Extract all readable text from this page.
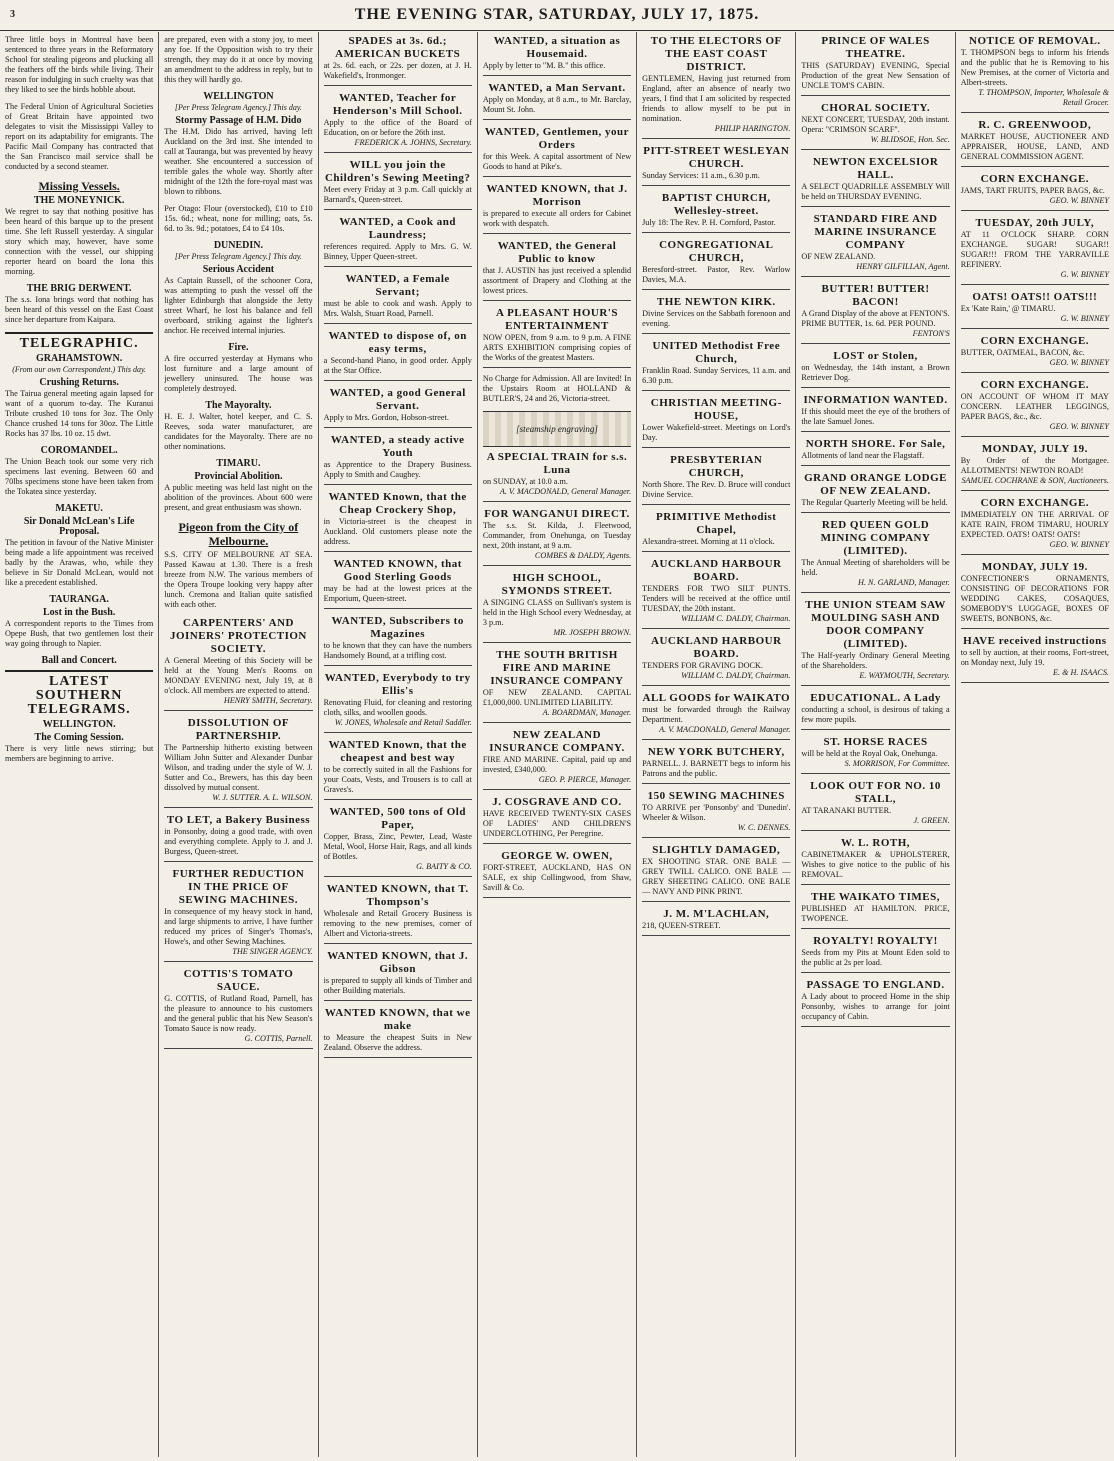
3	THE EVENING STAR, SATURDAY, JULY 17, 1875.
Three little boys in Montreal have been sentenced to three years in the Reformatory School for stealing pigeons and plucking all the feathers off the birds while living. Their reason for indulging in such cruelty was that they liked to see the birds hobble about.
The Federal Union of Agricultural Societies of Great Britain have appointed two delegates to visit the Mississippi Valley to report on its adaptability for emigrants. The Pacific Mail Company has contracted that the San Francisco mail service shall be conducted by a second steamer.
Missing Vessels.
THE MONEYNICK.
We regret to say that nothing positive has been heard of this barque up to the present time. She left Russell yesterday. A singular story which may, however, have some connection with the vessel, our shipping reporter heard on board the Iona this morning.
THE BRIG DERWENT.
The s.s. Iona brings word that nothing has been heard of this vessel on the East Coast since her departure from Kaipara.
TELEGRAPHIC.
GRAHAMSTOWN.
(From our own Correspondent.) This day.
Crushing Returns.
The Tairua general meeting again lapsed for want of a quorum to-day. The Kuranui Tribute crushed 10 tons for 3oz. The Only Chance crushed 14 tons for 30oz. The Little Rocks has 37 lbs. 10 oz. 15 dwt.
COROMANDEL.
The Union Beach took our some very rich specimens last evening. Between 60 and 70lbs specimens stone have been taken from the Tokatea since yesterday.
MAKETU.
Sir Donald McLean's Life Proposal.
The petition in favour of the Native Minister being made a life appointment was received badly by the Arawas, who, while they believe in Sir Donald McLean, would not like a precedent established.
TAURANGA.
Lost in the Bush.
A correspondent reports to the Times from Opepe Bush, that two gentlemen lost their way going through to Napier.
Ball and Concert.
LATEST SOUTHERN TELEGRAMS.
WELLINGTON.
The Coming Session.
There is very little news stirring; but members are beginning to arrive.
are prepared, even with a stony joy, to meet any foe. If the Opposition wish to try their strength, they may do it at once by moving an amendment to the address in reply, but to this they will hardly go.
WELLINGTON
[Per Press Telegram Agency.] This day.
Stormy Passage of H.M. Dido
The H.M. Dido has arrived, having left Auckland on the 3rd inst. She intended to call at Tauranga, but was prevented by heavy weather. She encountered a succession of terrible gales the whole way. Shortly after midnight of the 12th the fore-royal mast was blown to ribbons.
Per Otago: Flour (overstocked), £10 to £10 15s. 6d.; wheat, none for milling; oats, 5s. 6d. to 3s. 9d.; potatoes, £4 to £4 10s.
DUNEDIN.
[Per Press Telegram Agency.] This day.
Serious Accident
As Captain Russell, of the schooner Cora, was attempting to push the vessel off the lighter Edinburgh that alongside the Jetty street Wharf, he lost his balance and fell overboard, striking against the lighter's anchor. He received internal injuries.
Fire.
A fire occurred yesterday at Hymans who lost furniture and a large amount of jewellery uninsured. The house was completely destroyed.
The Mayoralty.
H. E. J. Walter, hotel keeper, and C. S. Reeves, soda water manufacturer, are candidates for the Mayoralty. There are no other nominations.
TIMARU.
Provincial Abolition.
A public meeting was held last night on the abolition of the provinces. About 600 were present, and great enthusiasm was shown.
Pigeon from the City of Melbourne.
S.S. CITY OF MELBOURNE AT SEA. Passed Kawau at 1.30. There is a fresh breeze from N.W. The various members of the Opera Troupe looking very happy after lunch. Cremona and Italian quite satisfied with each other.
CARPENTERS' AND JOINERS' PROTECTION SOCIETY.
A General Meeting of this Society will be held at the Young Men's Rooms on MONDAY EVENING next, July 19, at 8 o'clock. All members are expected to attend.
HENRY SMITH, Secretary.
DISSOLUTION OF PARTNERSHIP.
The Partnership hitherto existing between William John Sutter and Alexander Dunbar Wilson, and trading under the style of W. J. Sutter and Co., Brewers, has this day been dissolved by mutual consent.
W. J. SUTTER. A. L. WILSON.
TO LET, a Bakery Business
in Ponsonby, doing a good trade, with oven and everything complete. Apply to J. and J. Burgess, Queen-street.
FURTHER REDUCTION IN THE PRICE OF SEWING MACHINES.
In consequence of my heavy stock in hand, and large shipments to arrive, I have further reduced my prices of Singer's Thomas's, Howe's, and other Sewing Machines.
THE SINGER AGENCY.
COTTIS'S TOMATO SAUCE.
G. COTTIS, of Rutland Road, Parnell, has the pleasure to announce to his customers and the general public that his New Season's Tomato Sauce is now ready.
G. COTTIS, Parnell.
SPADES at 3s. 6d.; AMERICAN BUCKETS
at 2s. 6d. each, or 22s. per dozen, at J. H. Wakefield's, Ironmonger.
WANTED, Teacher for Henderson's Mill School.
Apply to the office of the Board of Education, on or before the 26th inst.
FREDERICK A. JOHNS, Secretary.
WILL you join the Children's Sewing Meeting?
Meet every Friday at 3 p.m. Call quickly at Barnard's, Queen-street.
WANTED, a Cook and Laundress;
references required. Apply to Mrs. G. W. Binney, Upper Queen-street.
WANTED, a Female Servant;
must be able to cook and wash. Apply to Mrs. Walsh, Stuart Road, Parnell.
WANTED to dispose of, on easy terms,
a Second-hand Piano, in good order. Apply at the Star Office.
WANTED, a good General Servant.
Apply to Mrs. Gordon, Hobson-street.
WANTED, a steady active Youth
as Apprentice to the Drapery Business. Apply to Smith and Caughey.
WANTED Known, that the Cheap Crockery Shop,
in Victoria-street is the cheapest in Auckland. Old customers please note the address.
WANTED KNOWN, that Good Sterling Goods
may be had at the lowest prices at the Emporium, Queen-street.
WANTED, Subscribers to Magazines
to be known that they can have the numbers Handsomely Bound, at a trifling cost.
WANTED, Everybody to try Ellis's
Renovating Fluid, for cleaning and restoring cloth, silks, and woollen goods.
W. JONES, Wholesale and Retail Saddler.
WANTED Known, that the cheapest and best way
to be correctly suited in all the Fashions for your Coats, Vests, and Trousers is to call at Graves's.
WANTED, 500 tons of Old Paper,
Copper, Brass, Zinc, Pewter, Lead, Waste Metal, Wool, Horse Hair, Rags, and all kinds of Bottles.
G. BAITY & CO.
WANTED KNOWN, that T. Thompson's
Wholesale and Retail Grocery Business is removing to the new premises, corner of Albert and Victoria-streets.
WANTED KNOWN, that J. Gibson
is prepared to supply all kinds of Timber and other Building materials.
WANTED KNOWN, that we make
to Measure the cheapest Suits in New Zealand. Observe the address.
WANTED, a situation as Housemaid.
Apply by letter to "M. B." this office.
WANTED, a Man Servant.
Apply on Monday, at 8 a.m., to Mr. Barclay, Mount St. John.
WANTED, Gentlemen, your Orders
for this Week. A capital assortment of New Goods to hand at Pike's.
WANTED KNOWN, that J. Morrison
is prepared to execute all orders for Cabinet work with despatch.
WANTED, the General Public to know
that J. AUSTIN has just received a splendid assortment of Drapery and Clothing at the lowest prices.
A PLEASANT HOUR'S ENTERTAINMENT
NOW OPEN, from 9 a.m. to 9 p.m. A FINE ARTS EXHIBITION comprising copies of the Works of the greatest Masters.
No Charge for Admission. All are Invited! In the Upstairs Room at HOLLAND & BUTLER'S, 24 and 26, Victoria-street.
[steamship engraving]
A SPECIAL TRAIN for s.s. Luna
on SUNDAY, at 10.0 a.m.
A. V. MACDONALD, General Manager.
FOR WANGANUI DIRECT.
The s.s. St. Kilda, J. Fleetwood, Commander, from Onehunga, on Tuesday next, 20th instant, at 9 a.m.
COMBES & DALDY, Agents.
HIGH SCHOOL, SYMONDS STREET.
A SINGING CLASS on Sullivan's system is held in the High School every Wednesday, at 3 p.m.
MR. JOSEPH BROWN.
THE SOUTH BRITISH FIRE AND MARINE INSURANCE COMPANY
OF NEW ZEALAND. CAPITAL £1,000,000. UNLIMITED LIABILITY.
A. BOARDMAN, Manager.
NEW ZEALAND INSURANCE COMPANY.
FIRE AND MARINE. Capital, paid up and invested, £340,000.
GEO. P. PIERCE, Manager.
J. COSGRAVE AND CO.
HAVE RECEIVED TWENTY-SIX CASES OF LADIES' AND CHILDREN'S UNDERCLOTHING, Per Peregrine.
GEORGE W. OWEN,
FORT-STREET, AUCKLAND, HAS ON SALE, ex ship Collingwood, from Shaw, Savill & Co.
TO THE ELECTORS OF THE EAST COAST DISTRICT.
GENTLEMEN, Having just returned from England, after an absence of nearly two years, I find that I am solicited by respected friends to allow myself to be put in nomination.
PHILIP HARINGTON.
PITT-STREET WESLEYAN CHURCH.
Sunday Services: 11 a.m., 6.30 p.m.
BAPTIST CHURCH, Wellesley-street.
July 18: The Rev. P. H. Cornford, Pastor.
CONGREGATIONAL CHURCH,
Beresford-street. Pastor, Rev. Warlow Davies, M.A.
THE NEWTON KIRK.
Divine Services on the Sabbath forenoon and evening.
UNITED Methodist Free Church,
Franklin Road. Sunday Services, 11 a.m. and 6.30 p.m.
CHRISTIAN MEETING-HOUSE,
Lower Wakefield-street. Meetings on Lord's Day.
PRESBYTERIAN CHURCH,
North Shore. The Rev. D. Bruce will conduct Divine Service.
PRIMITIVE Methodist Chapel,
Alexandra-street. Morning at 11 o'clock.
AUCKLAND HARBOUR BOARD.
TENDERS FOR TWO SILT PUNTS. Tenders will be received at the office until TUESDAY, the 20th instant.
WILLIAM C. DALDY, Chairman.
AUCKLAND HARBOUR BOARD.
TENDERS FOR GRAVING DOCK.
WILLIAM C. DALDY, Chairman.
ALL GOODS for WAIKATO
must be forwarded through the Railway Department.
A. V. MACDONALD, General Manager.
NEW YORK BUTCHERY,
PARNELL. J. BARNETT begs to inform his Patrons and the public.
150 SEWING MACHINES
TO ARRIVE per 'Ponsonby' and 'Dunedin'. Wheeler & Wilson.
W. C. DENNES.
SLIGHTLY DAMAGED,
EX SHOOTING STAR. ONE BALE — GREY TWILL CALICO. ONE BALE — GREY SHEETING CALICO. ONE BALE — NAVY AND PINK PRINT.
J. M. M'LACHLAN,
218, QUEEN-STREET.
PRINCE OF WALES THEATRE.
THIS (SATURDAY) EVENING, Special Production of the great New Sensation of UNCLE TOM'S CABIN.
CHORAL SOCIETY.
NEXT CONCERT, TUESDAY, 20th instant. Opera: "CRIMSON SCARF".
W. BLIDSOE, Hon. Sec.
NEWTON EXCELSIOR HALL.
A SELECT QUADRILLE ASSEMBLY Will be held on THURSDAY EVENING.
STANDARD FIRE AND MARINE INSURANCE COMPANY
OF NEW ZEALAND.
HENRY GILFILLAN, Agent.
BUTTER! BUTTER! BACON!
A Grand Display of the above at FENTON'S. PRIME BUTTER, 1s. 6d. PER POUND.
FENTON'S
LOST or Stolen,
on Wednesday, the 14th instant, a Brown Retriever Dog.
INFORMATION WANTED.
If this should meet the eye of the brothers of the late Samuel Jones.
NORTH SHORE. For Sale,
Allotments of land near the Flagstaff.
GRAND ORANGE LODGE OF NEW ZEALAND.
The Regular Quarterly Meeting will be held.
RED QUEEN GOLD MINING COMPANY (LIMITED).
The Annual Meeting of shareholders will be held.
H. N. GARLAND, Manager.
THE UNION STEAM SAW MOULDING SASH AND DOOR COMPANY (LIMITED).
The Half-yearly Ordinary General Meeting of the Shareholders.
E. WAYMOUTH, Secretary.
EDUCATIONAL. A Lady
conducting a school, is desirous of taking a few more pupils.
ST. HORSE RACES
will be held at the Royal Oak, Onehunga.
S. MORRISON, For Committee.
LOOK OUT FOR NO. 10 STALL,
AT TARANAKI BUTTER.
J. GREEN.
W. L. ROTH,
CABINETMAKER & UPHOLSTERER, Wishes to give notice to the public of his REMOVAL.
THE WAIKATO TIMES,
PUBLISHED AT HAMILTON. PRICE, TWOPENCE.
ROYALTY! ROYALTY!
Seeds from my Pits at Mount Eden sold to the public at 2s per load.
PASSAGE TO ENGLAND.
A Lady about to proceed Home in the ship Ponsonby, wishes to arrange for joint occupancy of Cabin.
NOTICE OF REMOVAL.
T. THOMPSON begs to inform his friends and the public that he is Removing to his New Premises, at the corner of Victoria and Albert-streets.
T. THOMPSON, Importer, Wholesale & Retail Grocer.
R. C. GREENWOOD,
MARKET HOUSE, AUCTIONEER AND APPRAISER, HOUSE, LAND, AND GENERAL COMMISSION AGENT.
CORN EXCHANGE.
JAMS, TART FRUITS, PAPER BAGS, &c.
GEO. W. BINNEY
TUESDAY, 20th JULY,
AT 11 O'CLOCK SHARP. CORN EXCHANGE. SUGAR! SUGAR!! SUGAR!!! FROM THE YARRAVILLE REFINERY.
G. W. BINNEY
OATS! OATS!! OATS!!!
Ex 'Kate Rain,' @ TIMARU.
G. W. BINNEY
CORN EXCHANGE.
BUTTER, OATMEAL, BACON, &c.
GEO. W. BINNEY
CORN EXCHANGE.
ON ACCOUNT OF WHOM IT MAY CONCERN. LEATHER LEGGINGS, PAPER BAGS, &c., &c.
GEO. W. BINNEY
MONDAY, JULY 19.
By Order of the Mortgagee. ALLOTMENTS! NEWTON ROAD!
SAMUEL COCHRANE & SON, Auctioneers.
CORN EXCHANGE.
IMMEDIATELY ON THE ARRIVAL OF KATE RAIN, FROM TIMARU, HOURLY EXPECTED. OATS! OATS! OATS!
GEO. W. BINNEY
MONDAY, JULY 19.
CONFECTIONER'S ORNAMENTS, CONSISTING OF DECORATIONS FOR WEDDING CAKES, COSAQUES, SOMEBODY'S LUGGAGE, BOXES OF SWEETS, BONBONS, &c.
HAVE received instructions
to sell by auction, at their rooms, Fort-street, on Monday next, July 19.
E. & H. ISAACS.
